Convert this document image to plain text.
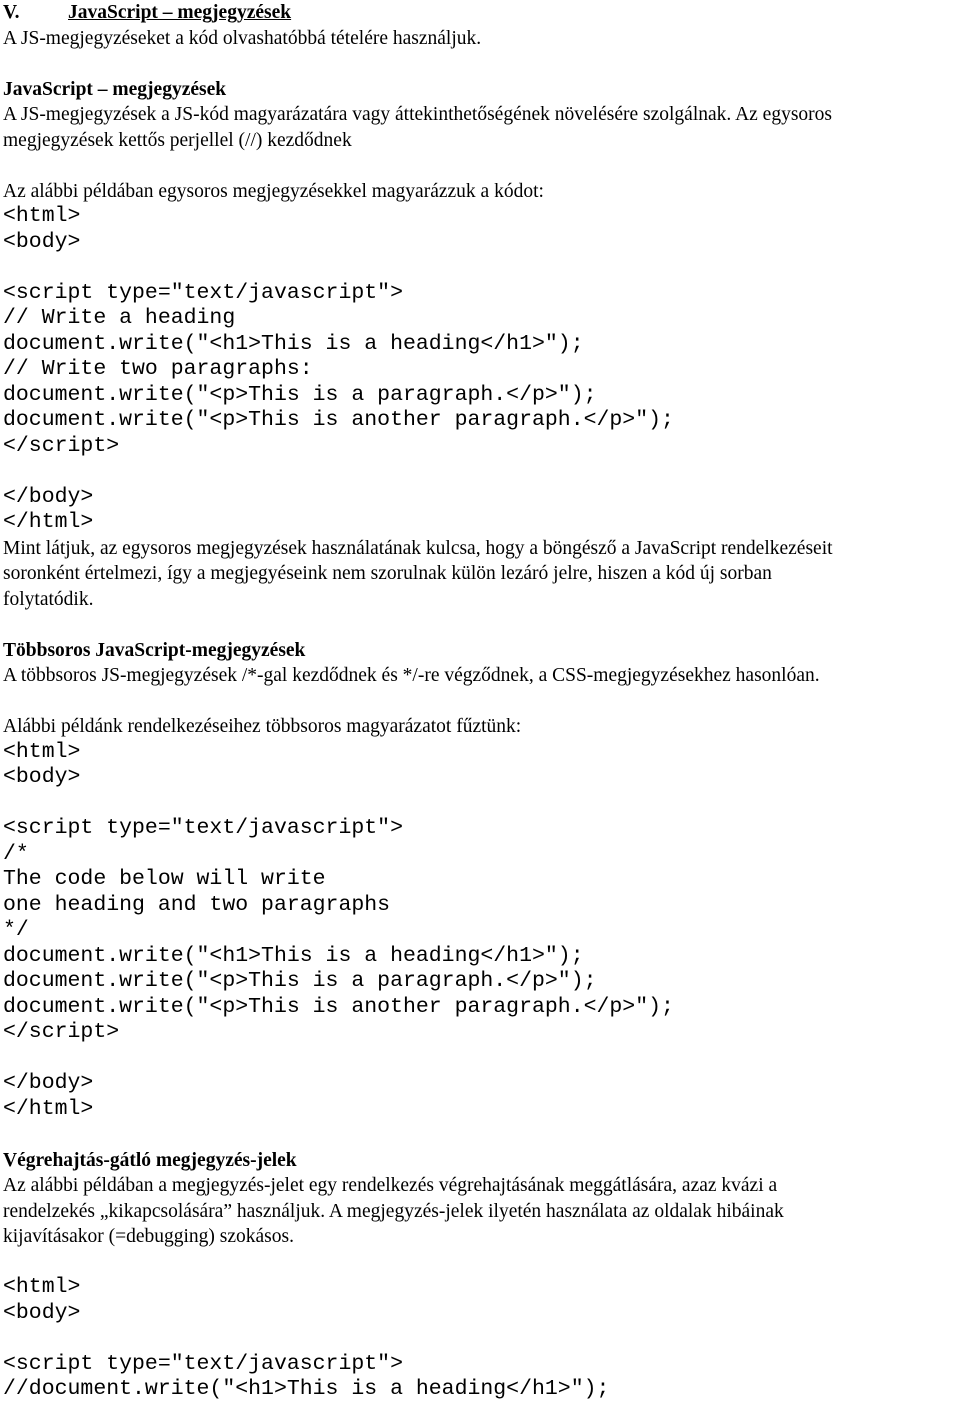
V. JavaScript – megjegyzések
A JS-megjegyzéseket a kód olvashatóbbá tételére használjuk.
JavaScript – megjegyzések
A JS-megjegyzések a JS-kód magyarázatára vagy áttekinthetőségének növelésére szolgálnak. Az egysoros
megjegyzések kettős perjellel (//) kezdődnek
Az alábbi példában egysoros megjegyzésekkel magyarázzuk a kódot:
<html>
<body>
<script type="text/javascript">
// Write a heading
document.write("<h1>This is a heading</h1>");
// Write two paragraphs:
document.write("<p>This is a paragraph.</p>");
document.write("<p>This is another paragraph.</p>");
</script>
</body>
</html>
Mint látjuk, az egysoros megjegyzések használatának kulcsa, hogy a böngésző a JavaScript rendelkezéseit
soronként értelmezi, így a megjegyéseink nem szorulnak külön lezáró jelre, hiszen a kód új sorban
folytatódik.
Többsoros JavaScript-megjegyzések
A többsoros JS-megjegyzések /*-gal kezdődnek és */-re végződnek, a CSS-megjegyzésekhez hasonlóan.
Alábbi példánk rendelkezéseihez többsoros magyarázatot fűztünk:
<html>
<body>
<script type="text/javascript">
/*
The code below will write
one heading and two paragraphs
*/
document.write("<h1>This is a heading</h1>");
document.write("<p>This is a paragraph.</p>");
document.write("<p>This is another paragraph.</p>");
</script>
</body>
</html>
Végrehajtás-gátló megjegyzés-jelek
Az alábbi példában a megjegyzés-jelet egy rendelkezés végrehajtásának meggátlására, azaz kvázi a
rendelzekés „kikapcsolására” használjuk. A megjegyzés-jelek ilyetén használata az oldalak hibáinak
kijavításakor (=debugging) szokásos.
<html>
<body>
<script type="text/javascript">
//document.write("<h1>This is a heading</h1>");
